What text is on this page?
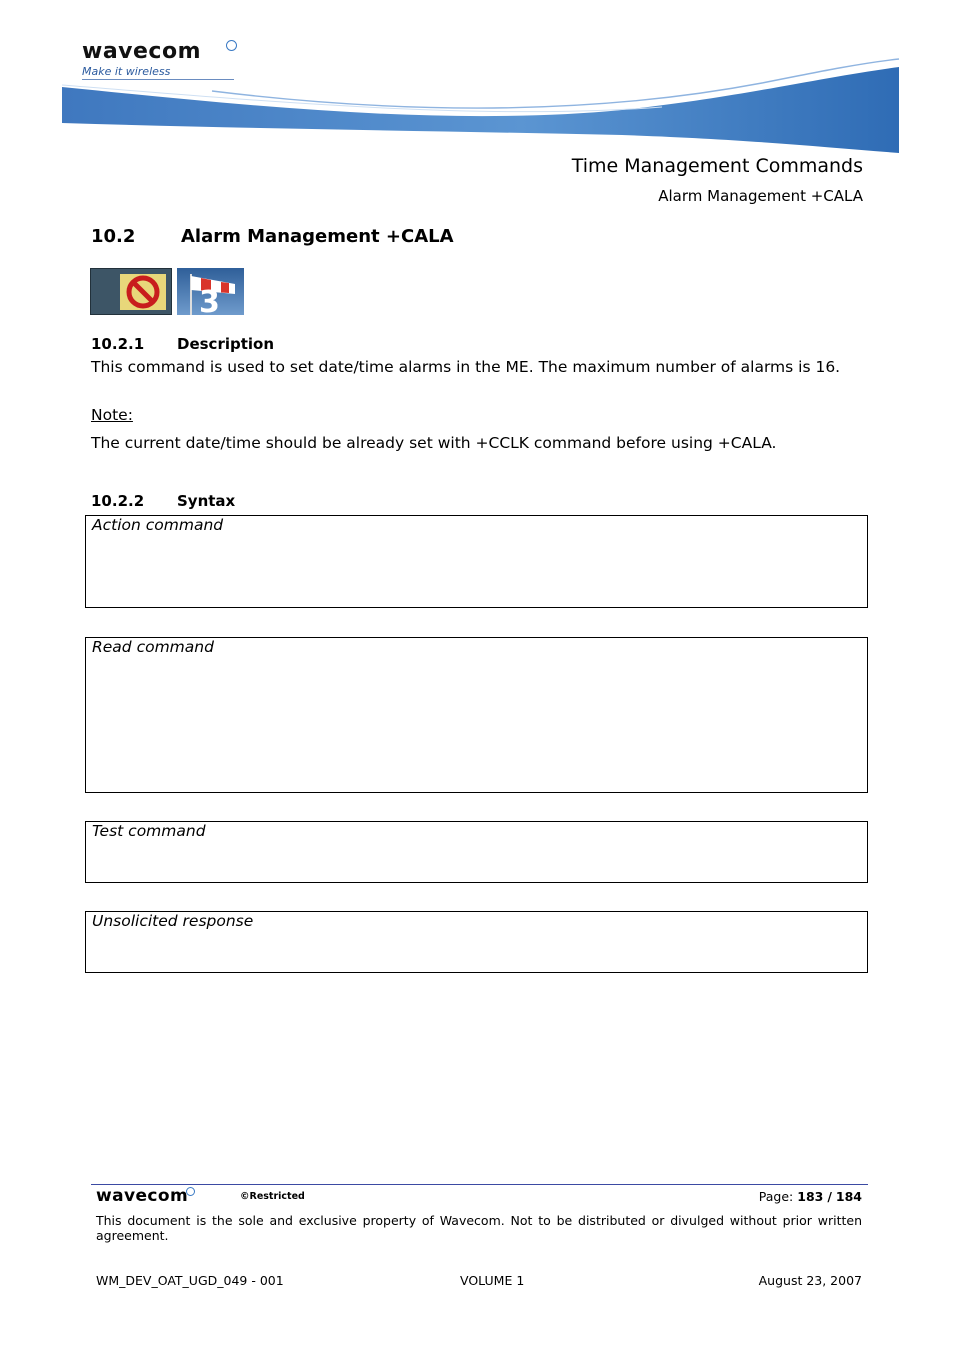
wavecom
Make it wireless
Time Management Commands
Alarm Management +CALA
10.2	Alarm Management +CALA
3
10.2.1 Description
This command is used to set date/time alarms in the ME. The maximum number of alarms is 16.
Note:
The current date/time should be already set with +CCLK command before using +CALA.
10.2.2 Syntax
Action command
Read command
Test command
Unsolicited response
wavecom	©Restricted	Page: 183 / 184
This document is the sole and exclusive property of Wavecom. Not to be distributed or divulged without prior written agreement.
WM_DEV_OAT_UGD_049 - 001	VOLUME 1	August 23, 2007
